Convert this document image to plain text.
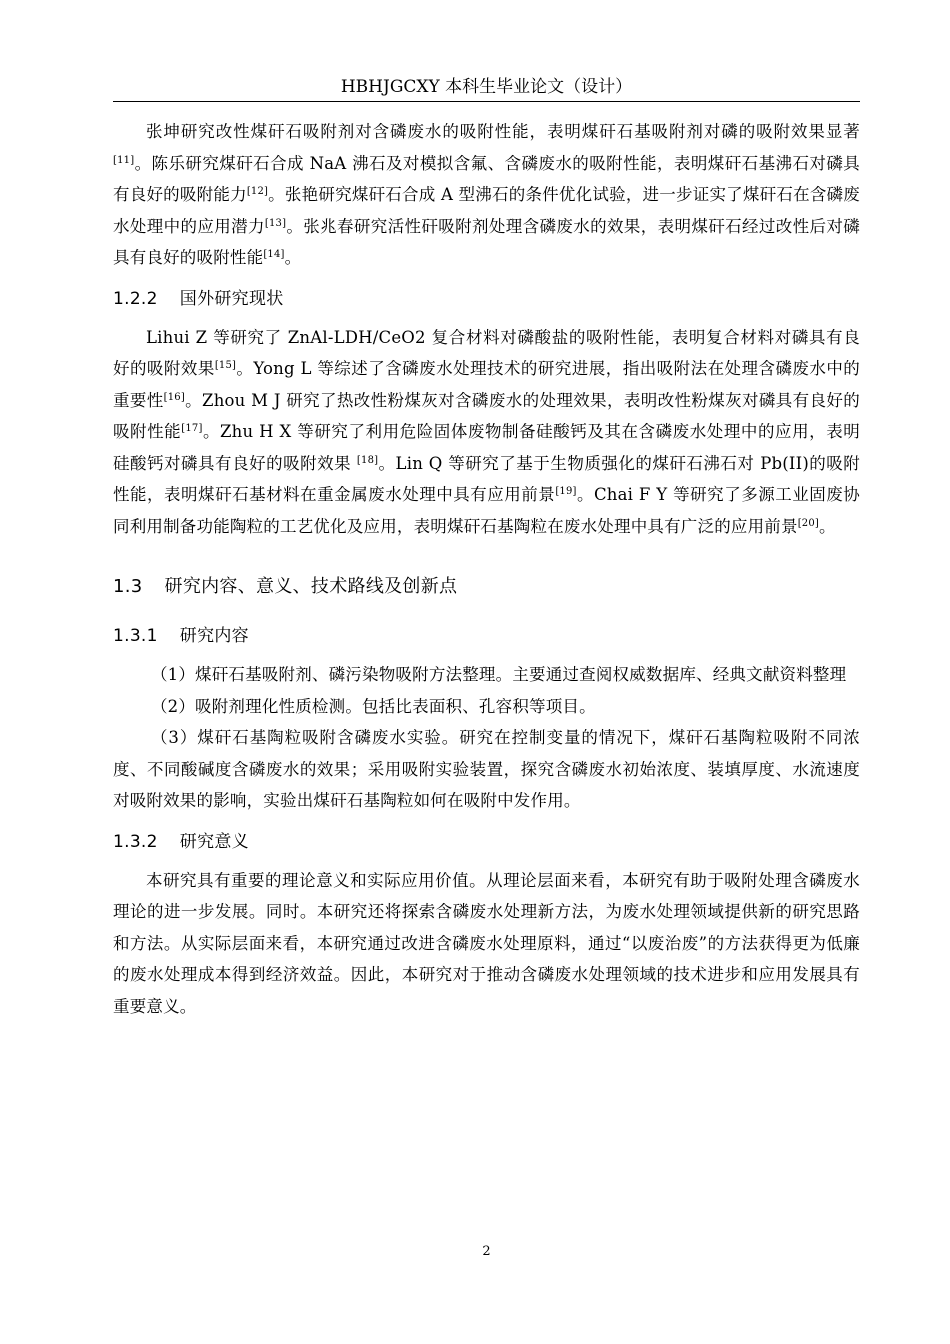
HBHJGCXY 本科生毕业论文（设计）

张坤研究改性煤矸石吸附剂对含磷废水的吸附性能，表明煤矸石基吸附剂对磷的吸附效果显著[11]。陈乐研究煤矸石合成 NaA 沸石及对模拟含氟、含磷废水的吸附性能，表明煤矸石基沸石对磷具有良好的吸附能力[12]。张艳研究煤矸石合成 A 型沸石的条件优化试验，进一步证实了煤矸石在含磷废水处理中的应用潜力[13]。张兆春研究活性矸吸附剂处理含磷废水的效果，表明煤矸石经过改性后对磷具有良好的吸附性能[14]。

1.2.2 国外研究现状

Lihui Z 等研究了 ZnAl-LDH/CeO2 复合材料对磷酸盐的吸附性能，表明复合材料对磷具有良好的吸附效果[15]。Yong L 等综述了含磷废水处理技术的研究进展，指出吸附法在处理含磷废水中的重要性[16]。Zhou M J 研究了热改性粉煤灰对含磷废水的处理效果，表明改性粉煤灰对磷具有良好的吸附性能[17]。Zhu H X 等研究了利用危险固体废物制备硅酸钙及其在含磷废水处理中的应用，表明硅酸钙对磷具有良好的吸附效果 [18]。Lin Q 等研究了基于生物质强化的煤矸石沸石对 Pb(II)的吸附性能，表明煤矸石基材料在重金属废水处理中具有应用前景[19]。Chai F Y 等研究了多源工业固废协同利用制备功能陶粒的工艺优化及应用，表明煤矸石基陶粒在废水处理中具有广泛的应用前景[20]。

1.3 研究内容、意义、技术路线及创新点
1.3.1 研究内容

（1）煤矸石基吸附剂、磷污染物吸附方法整理。主要通过查阅权威数据库、经典文献资料整理

（2）吸附剂理化性质检测。包括比表面积、孔容积等项目。

（3）煤矸石基陶粒吸附含磷废水实验。研究在控制变量的情况下，煤矸石基陶粒吸附不同浓度、不同酸碱度含磷废水的效果；采用吸附实验装置，探究含磷废水初始浓度、装填厚度、水流速度对吸附效果的影响，实验出煤矸石基陶粒如何在吸附中发作用。

1.3.2 研究意义

本研究具有重要的理论意义和实际应用价值。从理论层面来看，本研究有助于吸附处理含磷废水理论的进一步发展。同时。本研究还将探索含磷废水处理新方法，为废水处理领域提供新的研究思路和方法。从实际层面来看，本研究通过改进含磷废水处理原料，通过“以废治废”的方法获得更为低廉的废水处理成本得到经济效益。因此，本研究对于推动含磷废水处理领域的技术进步和应用发展具有重要意义。

2
